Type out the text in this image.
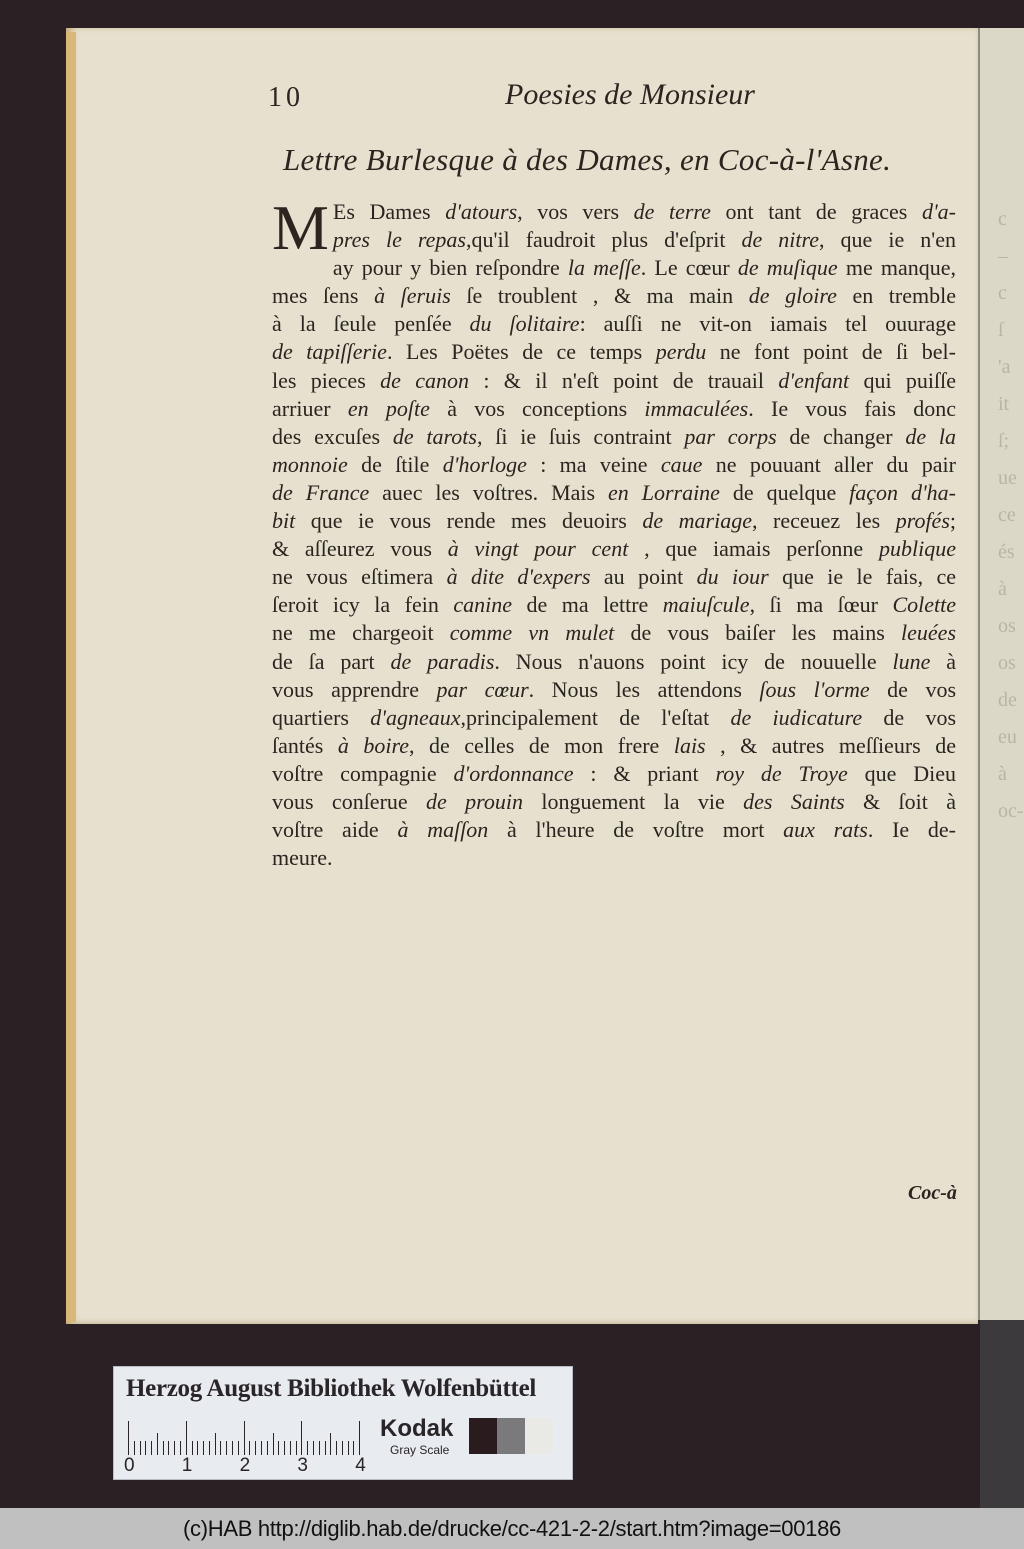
c
–
c
ſ
'a
it
ſ;
ue
ce
és
à
os
os
de
eu
à
oc-
10	Poesies de Monsieur
Lettre Burlesque à des Dames, en Coc-à-l'Asne.
M Es Dames d'atours, vos vers de terre ont tant de graces d'a-
pres le repas,qu'il faudroit plus d'eſprit de nitre, que ie n'en
ay pour y bien reſpondre la meſſe. Le cœur de muſique me manque,
mes ſens à ſeruis ſe troublent , & ma main de gloire en tremble
à la ſeule penſée du ſolitaire: auſſi ne vit-on iamais tel ouurage
de tapiſſerie. Les Poëtes de ce temps perdu ne font point de ſi bel-
les pieces de canon : & il n'eſt point de trauail d'enfant qui puiſſe
arriuer en poſte à vos conceptions immaculées. Ie vous fais donc
des excuſes de tarots, ſi ie ſuis contraint par corps de changer de la
monnoie de ſtile d'horloge : ma veine caue ne pouuant aller du pair
de France auec les voſtres. Mais en Lorraine de quelque façon d'ha-
bit que ie vous rende mes deuoirs de mariage, receuez les profés;
& aſſeurez vous à vingt pour cent , que iamais perſonne publique
ne vous eſtimera à dite d'expers au point du iour que ie le fais, ce
ſeroit icy la fein canine de ma lettre maiuſcule, ſi ma ſœur Colette
ne me chargeoit comme vn mulet de vous baiſer les mains leuées
de ſa part de paradis. Nous n'auons point icy de nouuelle lune à
vous apprendre par cœur. Nous les attendons ſous l'orme de vos
quartiers d'agneaux,principalement de l'eſtat de iudicature de vos
ſantés à boire, de celles de mon frere lais , & autres meſſieurs de
voſtre compagnie d'ordonnance : & priant roy de Troye que Dieu
vous conſerue de prouin longuement la vie des Saints & ſoit à
voſtre aide à maſſon à l'heure de voſtre mort aux rats. Ie de-
meure.
Coc-à
Herzog August Bibliothek Wolfenbüttel
Kodak
Gray Scale
0 1 2 3 4
(c)HAB http://diglib.hab.de/drucke/cc-421-2-2/start.htm?image=00186
